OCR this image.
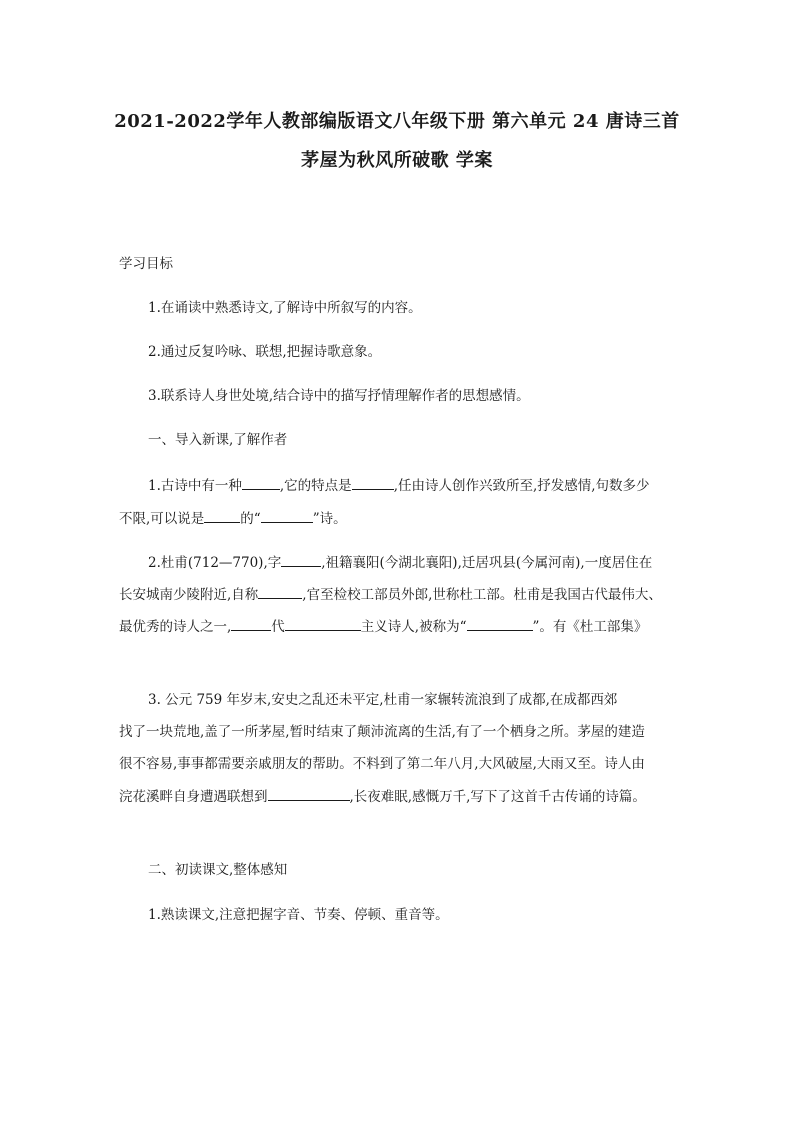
2021-2022学年人教部编版语文八年级下册 第六单元 24 唐诗三首
茅屋为秋风所破歌 学案
学习目标
1.在诵读中熟悉诗文,了解诗中所叙写的内容。
2.通过反复吟咏、联想,把握诗歌意象。
3.联系诗人身世处境,结合诗中的描写抒情理解作者的思想感情。
一、导入新课,了解作者
1.古诗中有一种	,它的特点是	,任由诗人创作兴致所至,抒发感情,句数多少
不限,可以说是	的“	”诗。
2.杜甫(712—770),字	,祖籍襄阳(今湖北襄阳),迁居巩县(今属河南),一度居住在
长安城南少陵附近,自称	,官至检校工部员外郎,世称杜工部。杜甫是我国古代最伟大、
最优秀的诗人之一,	代	主义诗人,被称为“	”。有《杜工部集》
3. 公元 759 年岁末,安史之乱还未平定,杜甫一家辗转流浪到了成都,在成都西郊
找了一块荒地,盖了一所茅屋,暂时结束了颠沛流离的生活,有了一个栖身之所。茅屋的建造
很不容易,事事都需要亲戚朋友的帮助。不料到了第二年八月,大风破屋,大雨又至。诗人由
浣花溪畔自身遭遇联想到	,长夜难眠,感慨万千,写下了这首千古传诵的诗篇。
二、初读课文,整体感知
1.熟读课文,注意把握字音、节奏、停顿、重音等。
